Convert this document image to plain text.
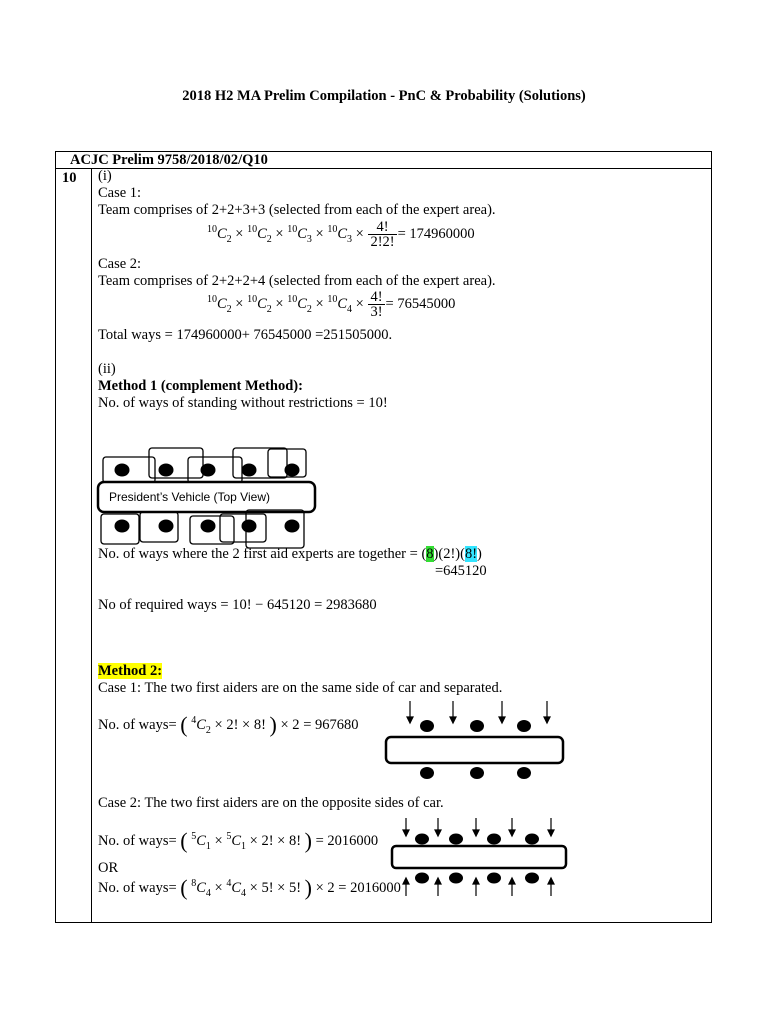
2018 H2 MA Prelim Compilation - PnC & Probability (Solutions)
ACJC Prelim 9758/2018/02/Q10
10 (i)
Case 1:
Team comprises of 2+2+3+3 (selected from each of the expert area).
$^{10}C_2 \times ^{10}C_2 \times ^{10}C_3 \times ^{10}C_3 \times \frac{4!}{2!2!} = 174960000$
Case 2:
Team comprises of 2+2+2+4 (selected from each of the expert area).
$^{10}C_2 \times ^{10}C_2 \times ^{10}C_2 \times ^{10}C_4 \times \frac{4!}{3!} = 76545000$
Total ways = 174960000+ 76545000 =251505000.
(ii)
Method 1 (complement Method):
No. of ways of standing without restrictions = 10!
President’s Vehicle (Top View)
No. of ways where the 2 first aid experts are together = (8)(2!)(8!)
=645120
No of required ways = 10! − 645120 = 2983680
Method 2:
Case 1: The two first aiders are on the same side of car and separated.
No. of ways= ( $^4C_2 \times 2$! × 8! ) × 2 = 967680
Case 2: The two first aiders are on the opposite sides of car.
No. of ways= ( $^5C_1 \times ^5C_1 \times 2$! × 8! ) = 2016000
OR
No. of ways= ( $^8C_4 \times ^4C_4 \times 5$! × 5! ) × 2 = 2016000
